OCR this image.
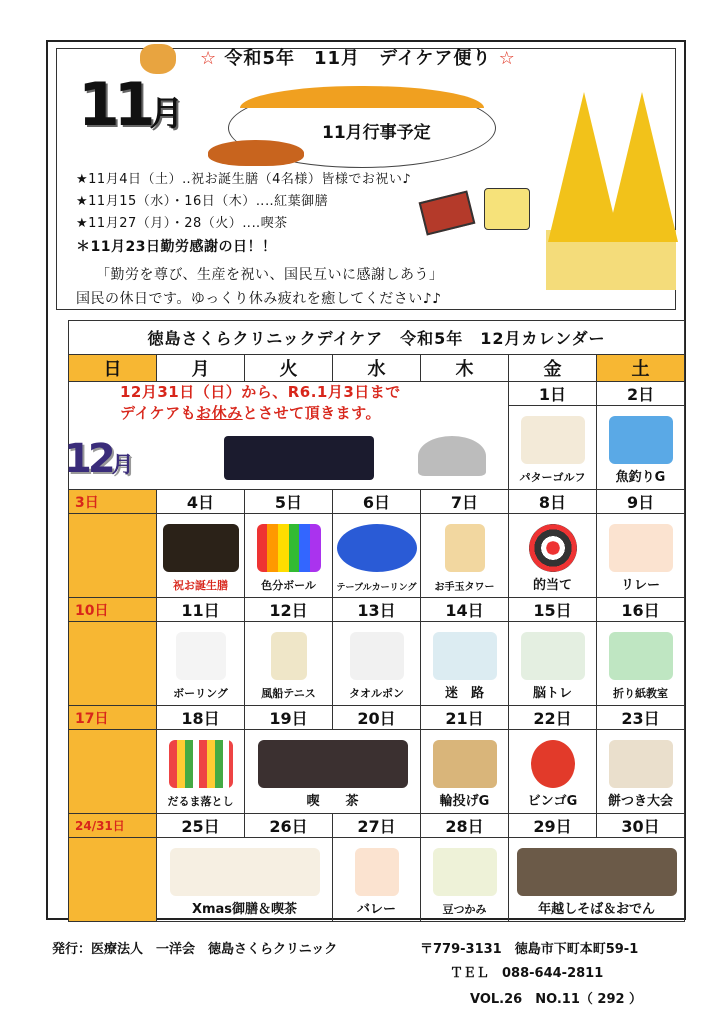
☆ 令和5年　11月　デイケア便り ☆
11月	11月行事予定
★11月4日（土）‥祝お誕生膳（4名様）皆様でお祝い♪
★11月15（水）・16日（木）‥‥紅葉御膳
★11月27（月）・28（火）‥‥喫茶
＊11月23日勤労感謝の日！！
「勤労を尊び、生産を祝い、国民互いに感謝しあう」
国民の休日です。ゆっくり休み疲れを癒してください♪♪
徳島さくらクリニックデイケア　令和5年　12月カレンダー						
日	月	火	水	木	金	土
					1日	2日

					パターゴルフ	魚釣りG

3日	4日	5日	6日	7日	8日	9日

	祝お誕生膳	色分ボール	テーブルカーリング	お手玉タワー	的当て	リレー

10日	11日	12日	13日	14日	15日	16日

	ボーリング	風船テニス	タオルポン	迷　路	脳トレ	折り紙教室

17日	18日	19日	20日	21日	22日	23日

	だるま落とし	喫　　茶		輪投げG	ビンゴG	餅つき大会

24/31日	25日	26日	27日	28日	29日	30日

	Xmas御膳＆喫茶		バレー	豆つかみ	年越しそば＆おでん	
12月31日（日）から、R6.1月3日まで
デイケアもお休みとさせて頂きます。
12月
発行：医療法人　一洋会　徳島さくらクリニック	〒779-3131　徳島市下町本町59-1
ＴＥＬ　088-644-2811
VOL.26　NO.11（ 292 ）
